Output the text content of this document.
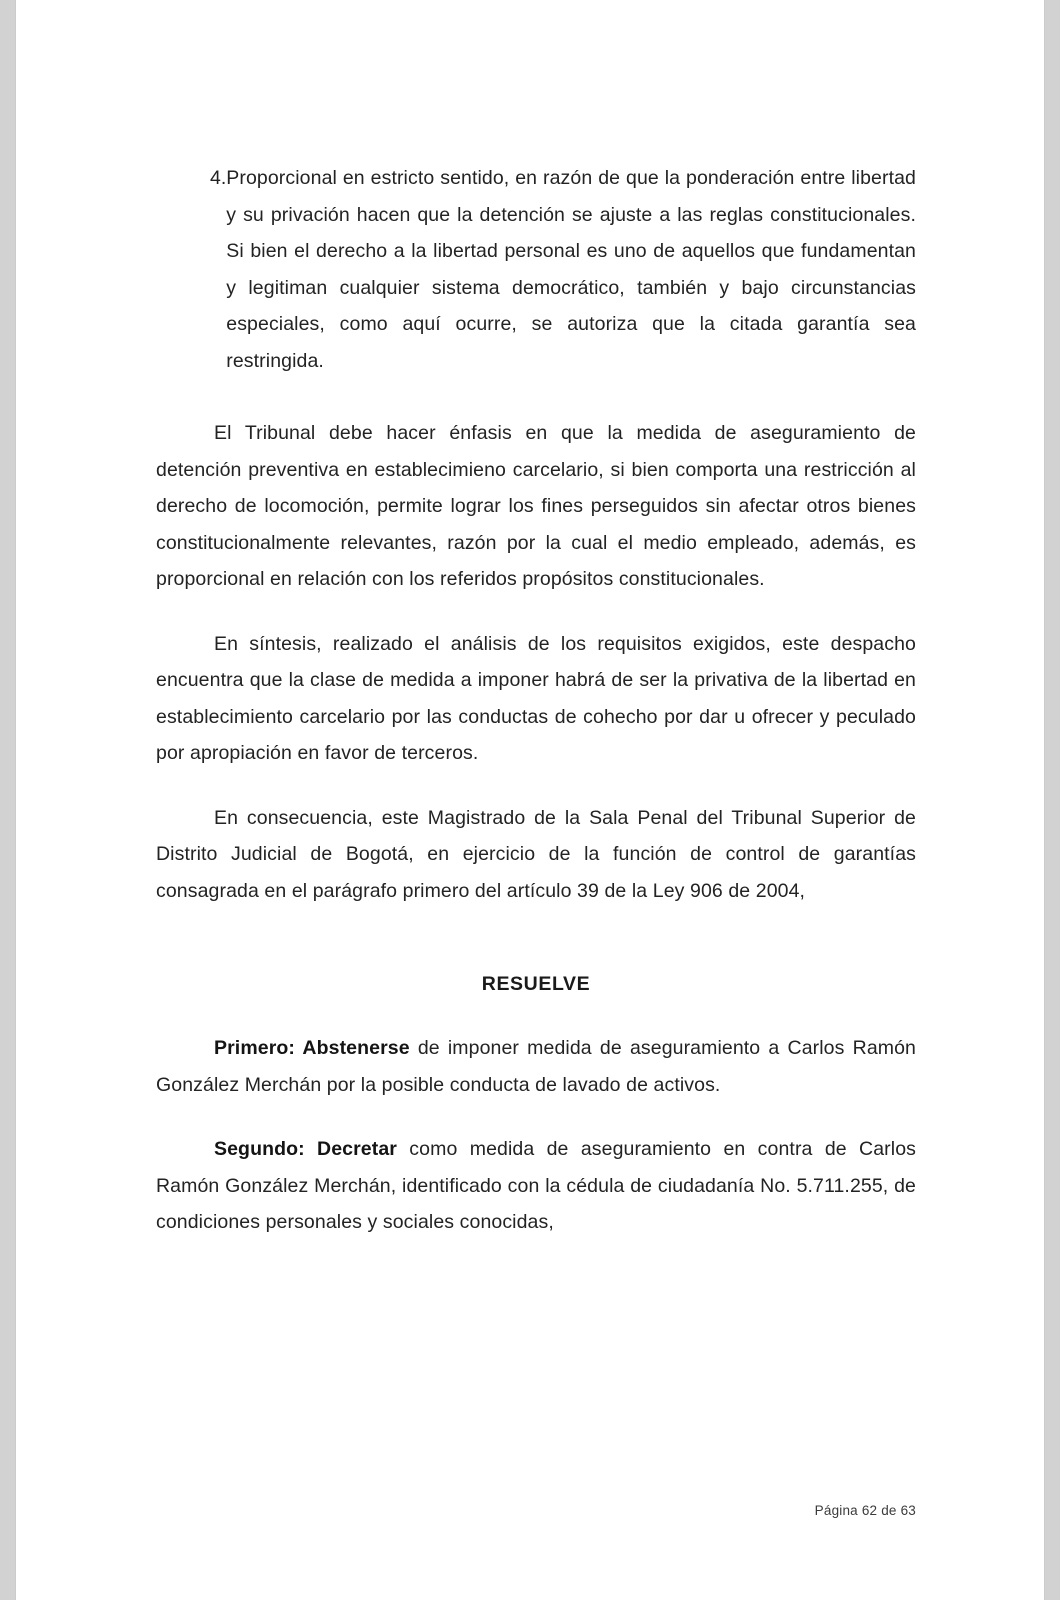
4. Proporcional en estricto sentido, en razón de que la ponderación entre libertad y su privación hacen que la detención se ajuste a las reglas constitucionales. Si bien el derecho a la libertad personal es uno de aquellos que fundamentan y legitiman cualquier sistema democrático, también y bajo circunstancias especiales, como aquí ocurre, se autoriza que la citada garantía sea restringida.

El Tribunal debe hacer énfasis en que la medida de aseguramiento de detención preventiva en establecimieno carcelario, si bien comporta una restricción al derecho de locomoción, permite lograr los fines perseguidos sin afectar otros bienes constitucionalmente relevantes, razón por la cual el medio empleado, además, es proporcional en relación con los referidos propósitos constitucionales.

En síntesis, realizado el análisis de los requisitos exigidos, este despacho encuentra que la clase de medida a imponer habrá de ser la privativa de la libertad en establecimiento carcelario por las conductas de cohecho por dar u ofrecer y peculado por apropiación en favor de terceros.

En consecuencia, este Magistrado de la Sala Penal del Tribunal Superior de Distrito Judicial de Bogotá, en ejercicio de la función de control de garantías consagrada en el parágrafo primero del artículo 39 de la Ley 906 de 2004,

RESUELVE

Primero: Abstenerse de imponer medida de aseguramiento a Carlos Ramón González Merchán por la posible conducta de lavado de activos.

Segundo: Decretar como medida de aseguramiento en contra de Carlos Ramón González Merchán, identificado con la cédula de ciudadanía No. 5.711.255, de condiciones personales y sociales conocidas,

Página 62 de 63
